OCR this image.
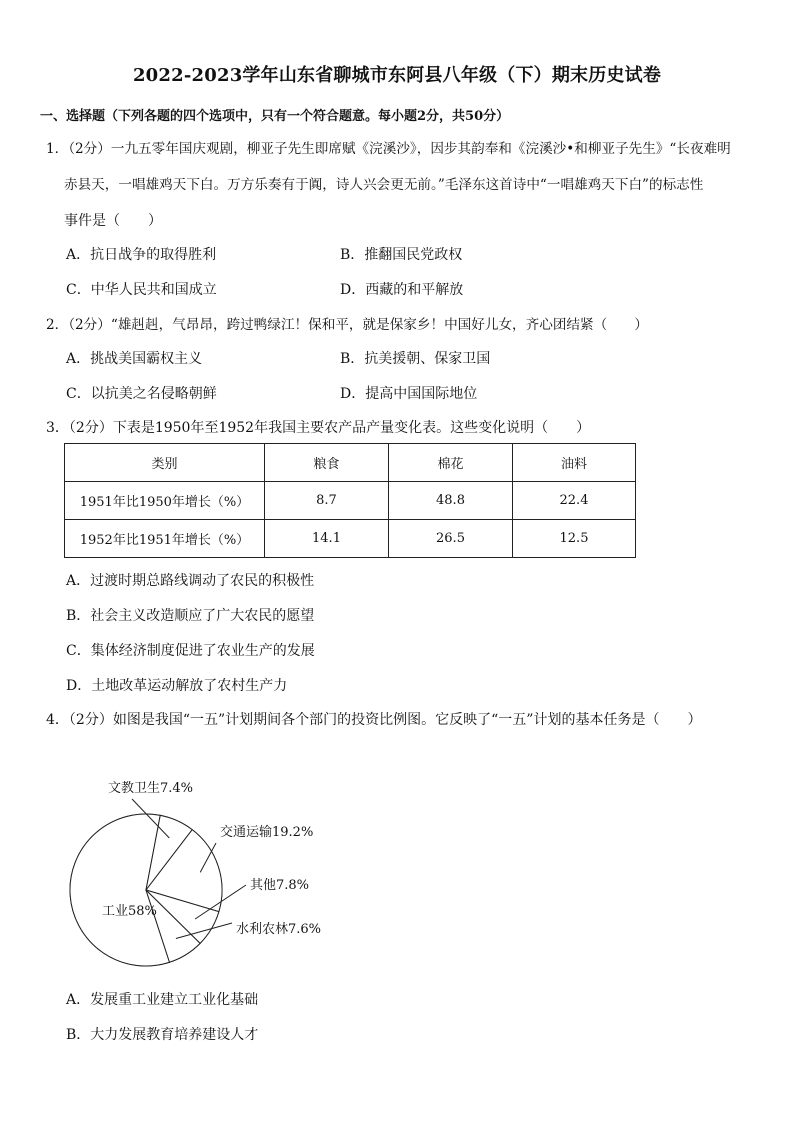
2022-2023学年山东省聊城市东阿县八年级（下）期末历史试卷
一、选择题（下列各题的四个选项中，只有一个符合题意。每小题2分，共50分）
1．（2分）一九五零年国庆观剧，柳亚子先生即席赋《浣溪沙》，因步其韵奉和《浣溪沙•和柳亚子先生》“长夜难明
赤县天，一唱雄鸡天下白。万方乐奏有于阗，诗人兴会更无前。”毛泽东这首诗中“一唱雄鸡天下白”的标志性
事件是（　　）
A．抗日战争的取得胜利	B．推翻国民党政权
C．中华人民共和国成立	D．西藏的和平解放
2．（2分）“雄赳赳，气昂昂，跨过鸭绿江！保和平，就是保家乡！中国好儿女，齐心团结紧（　　）
A．挑战美国霸权主义	B．抗美援朝、保家卫国
C．以抗美之名侵略朝鲜	D．提高中国国际地位
3．（2分）下表是1950年至1952年我国主要农产品产量变化表。这些变化说明（　　）
类别	粮食	棉花	油料
1951年比1950年增长（%）	8.7	48.8	22.4
1952年比1951年增长（%）	14.1	26.5	12.5
A．过渡时期总路线调动了农民的积极性
B．社会主义改造顺应了广大农民的愿望
C．集体经济制度促进了农业生产的发展
D．土地改革运动解放了农村生产力
4．（2分）如图是我国“一五”计划期间各个部门的投资比例图。它反映了“一五”计划的基本任务是（　　）
工业58%
文教卫生7.4%
交通运输19.2%
其他7.8%
水利农林7.6%
A．发展重工业建立工业化基础
B．大力发展教育培养建设人才
